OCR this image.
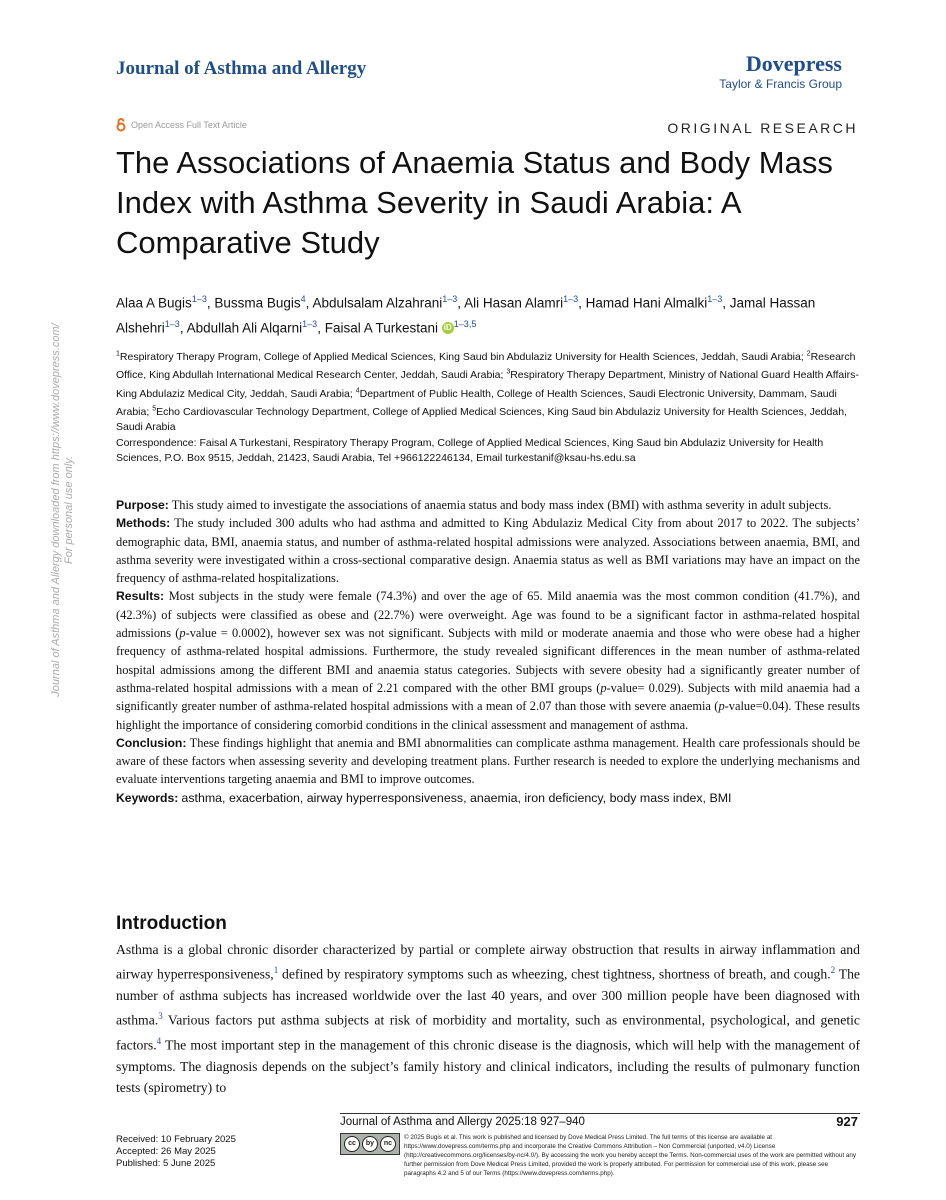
Journal of Asthma and Allergy downloaded from https://www.dovepress.com/
For personal use only.
Journal of Asthma and Allergy	Dovepress
Taylor & Francis Group
Open Access Full Text Article	ORIGINAL RESEARCH
The Associations of Anaemia Status and Body Mass Index with Asthma Severity in Saudi Arabia: A Comparative Study
Alaa A Bugis$^{1-3}$, Bussma Bugis$^4$, Abdulsalam Alzahrani$^{1-3}$, Ali Hasan Alamri$^{1-3}$, Hamad Hani Almalki$^{1-3}$, Jamal Hassan Alshehri$^{1-3}$, Abdullah Ali Alqarni$^{1-3}$, Faisal A Turkestani iD $^{1-3,5}$

$^1$Respiratory Therapy Program, College of Applied Medical Sciences, King Saud bin Abdulaziz University for Health Sciences, Jeddah, Saudi Arabia;

$^2$Research Office, King Abdullah International Medical Research Center, Jeddah, Saudi Arabia;

$^3$Respiratory Therapy Department, Ministry of National Guard Health Affairs- King Abdulaziz Medical City, Jeddah, Saudi Arabia;

$^4$Department of Public Health, College of Health Sciences, Saudi Electronic University, Dammam, Saudi Arabia;

$^5$Echo Cardiovascular Technology Department, College of Applied Medical Sciences, King Saud bin Abdulaziz University for Health Sciences, Jeddah, Saudi Arabia

Correspondence: Faisal A Turkestani, Respiratory Therapy Program, College of Applied Medical Sciences, King Saud bin Abdulaziz University for Health Sciences, P.O. Box 9515, Jeddah, 21423, Saudi Arabia, Tel +966122246134, Email turkestanif@ksau-hs.edu.sa

Purpose: This study aimed to investigate the associations of anaemia status and body mass index (BMI) with asthma severity in adult subjects.

Methods: The study included 300 adults who had asthma and admitted to King Abdulaziz Medical City from about 2017 to 2022. The subjects’ demographic data, BMI, anaemia status, and number of asthma-related hospital admissions were analyzed. Associations between anaemia, BMI, and asthma severity were investigated within a cross-sectional comparative design. Anaemia status as well as BMI variations may have an impact on the frequency of asthma-related hospitalizations.

Results: Most subjects in the study were female (74.3%) and over the age of 65. Mild anaemia was the most common condition (41.7%), and (42.3%) of subjects were classified as obese and (22.7%) were overweight. Age was found to be a significant factor in asthma-related hospital admissions (p-value = 0.0002), however sex was not significant. Subjects with mild or moderate anaemia and those who were obese had a higher frequency of asthma-related hospital admissions. Furthermore, the study revealed significant differences in the mean number of asthma-related hospital admissions among the different BMI and anaemia status categories. Subjects with severe obesity had a significantly greater number of asthma-related hospital admissions with a mean of 2.21 compared with the other BMI groups (p-value= 0.029). Subjects with mild anaemia had a significantly greater number of asthma-related hospital admissions with a mean of 2.07 than those with severe anaemia (p-value=0.04). These results highlight the importance of considering comorbid conditions in the clinical assessment and management of asthma.

Conclusion: These findings highlight that anemia and BMI abnormalities can complicate asthma management. Health care professionals should be aware of these factors when assessing severity and developing treatment plans. Further research is needed to explore the underlying mechanisms and evaluate interventions targeting anaemia and BMI to improve outcomes.

Keywords: asthma, exacerbation, airway hyperresponsiveness, anaemia, iron deficiency, body mass index, BMI

Introduction
Asthma is a global chronic disorder characterized by partial or complete airway obstruction that results in airway inflammation and airway hyperresponsiveness,$^1$ defined by respiratory symptoms such as wheezing, chest tightness, shortness of breath, and cough.$^2$ The number of asthma subjects has increased worldwide over the last 40 years, and over 300 million people have been diagnosed with asthma.$^3$ Various factors put asthma subjects at risk of morbidity and mortality, such as environmental, psychological, and genetic factors.$^4$ The most important step in the management of this chronic disease is the diagnosis, which will help with the management of symptoms. The diagnosis depends on the subject’s family history and clinical indicators, including the results of pulmonary function tests (spirometry) to
Journal of Asthma and Allergy 2025:18 927–940	927
Received: 10 February 2025
Accepted: 26 May 2025
Published: 5 June 2025
cc	by	nc
© 2025 Bugis et al. This work is published and licensed by Dove Medical Press Limited. The full terms of this license are available at https://www.dovepress.com/terms.php and incorporate the Creative Commons Attribution – Non Commercial (unported, v4.0) License (http://creativecommons.org/licenses/by-nc/4.0/). By accessing the work you hereby accept the Terms. Non-commercial uses of the work are permitted without any further permission from Dove Medical Press Limited, provided the work is properly attributed. For permission for commercial use of this work, please see paragraphs 4.2 and 5 of our Terms (https://www.dovepress.com/terms.php).
